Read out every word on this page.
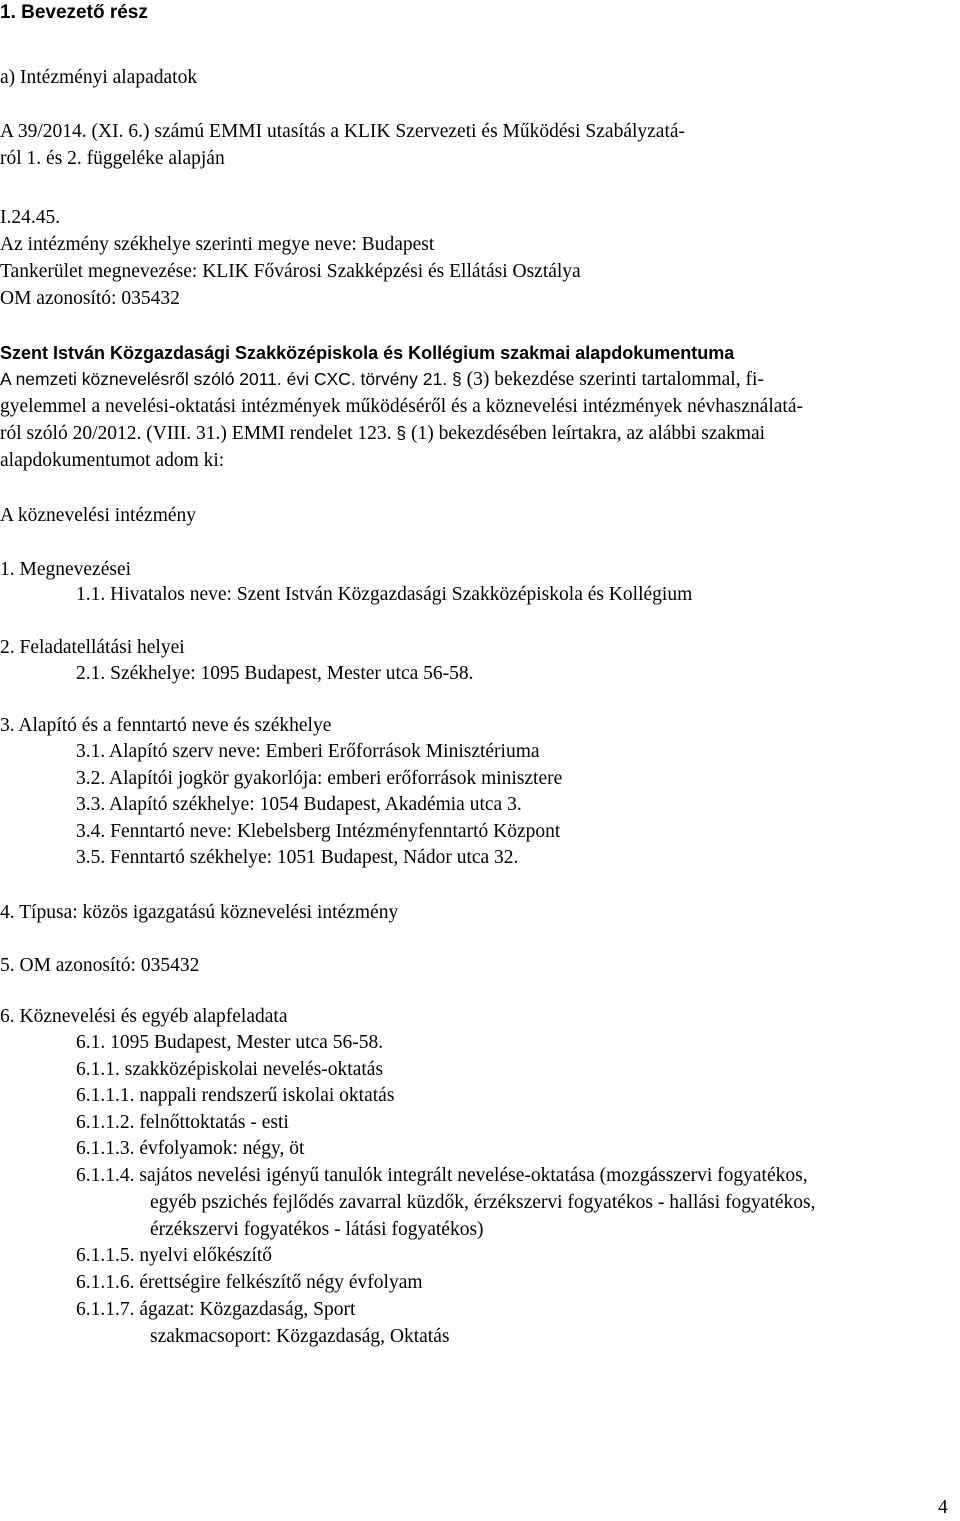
1. Bevezető rész
a) Intézményi alapadatok
A 39/2014. (XI. 6.) számú EMMI utasítás a KLIK Szervezeti és Működési Szabályzatá-
ról 1. és 2. függeléke alapján
I.24.45.
Az intézmény székhelye szerinti megye neve: Budapest
Tankerület megnevezése: KLIK Fővárosi Szakképzési és Ellátási Osztálya
OM azonosító: 035432
Szent István Közgazdasági Szakközépiskola és Kollégium szakmai alapdokumentuma
A nemzeti köznevelésről szóló 2011. évi CXC. törvény 21. § (3) bekezdése szerinti tartalommal, fi-
gyelemmel a nevelési-oktatási intézmények működéséről és a köznevelési intézmények névhasználatá-
ról szóló 20/2012. (VIII. 31.) EMMI rendelet 123. § (1) bekezdésében leírtakra, az alábbi szakmai
alapdokumentumot adom ki:
A köznevelési intézmény
1. Megnevezései
1.1. Hivatalos neve: Szent István Közgazdasági Szakközépiskola és Kollégium
2. Feladatellátási helyei
2.1. Székhelye: 1095 Budapest, Mester utca 56-58.
3. Alapító és a fenntartó neve és székhelye
3.1. Alapító szerv neve: Emberi Erőforrások Minisztériuma
3.2. Alapítói jogkör gyakorlója: emberi erőforrások minisztere
3.3. Alapító székhelye: 1054 Budapest, Akadémia utca 3.
3.4. Fenntartó neve: Klebelsberg Intézményfenntartó Központ
3.5. Fenntartó székhelye: 1051 Budapest, Nádor utca 32.
4. Típusa: közös igazgatású köznevelési intézmény
5. OM azonosító: 035432
6. Köznevelési és egyéb alapfeladata
6.1. 1095 Budapest, Mester utca 56-58.
6.1.1. szakközépiskolai nevelés-oktatás
6.1.1.1. nappali rendszerű iskolai oktatás
6.1.1.2. felnőttoktatás - esti
6.1.1.3. évfolyamok: négy, öt
6.1.1.4. sajátos nevelési igényű tanulók integrált nevelése-oktatása (mozgásszervi fogyatékos,
egyéb pszichés fejlődés zavarral küzdők, érzékszervi fogyatékos - hallási fogyatékos,
érzékszervi fogyatékos - látási fogyatékos)
6.1.1.5. nyelvi előkészítő
6.1.1.6. érettségire felkészítő négy évfolyam
6.1.1.7. ágazat: Közgazdaság, Sport
szakmacsoport: Közgazdaság, Oktatás
4
